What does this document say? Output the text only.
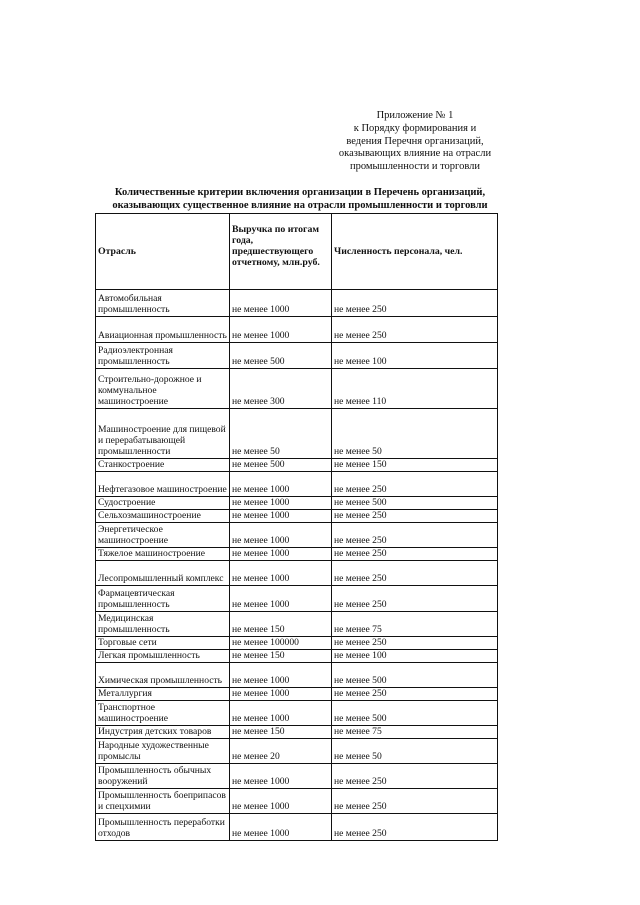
Приложение № 1
к Порядку формирования и
ведения Перечня организаций,
оказывающих влияние на отрасли
промышленности и торговли
Количественные критерии включения организации в Перечень организаций,
оказывающих существенное влияние на отрасли промышленности и торговли
Отрасль	Выручка по итогам года, предшествующего отчетному, млн.руб.	Численность персонала, чел.
Автомобильная промышленность	не менее 1000	не менее 250
Авиационная промышленность	не менее 1000	не менее 250
Радиоэлектронная промышленность	не менее 500	не менее 100
Строительно-дорожное и коммунальное машиностроение	не менее 300	не менее 110
Машиностроение для пищевой и перерабатывающей промышленности	не менее 50	не менее 50
Станкостроение	не менее 500	не менее 150
Нефтегазовое машиностроение	не менее 1000	не менее 250
Судостроение	не менее 1000	не менее 500
Сельхозмашиностроение	не менее 1000	не менее 250
Энергетическое машиностроение	не менее 1000	не менее 250
Тяжелое машиностроение	не менее 1000	не менее 250
Лесопромышленный комплекс	не менее 1000	не менее 250
Фармацевтическая промышленность	не менее 1000	не менее 250
Медицинская промышленность	не менее 150	не менее 75
Торговые сети	не менее 100000	не менее 250
Легкая промышленность	не менее 150	не менее 100
Химическая промышленность	не менее 1000	не менее 500
Металлургия	не менее 1000	не менее 250
Транспортное машиностроение	не менее 1000	не менее 500
Индустрия детских товаров	не менее 150	не менее 75
Народные художественные промыслы	не менее 20	не менее 50
Промышленность обычных вооружений	не менее 1000	не менее 250
Промышленность боеприпасов и спецхимии	не менее 1000	не менее 250
Промышленность переработки отходов	не менее 1000	не менее 250
